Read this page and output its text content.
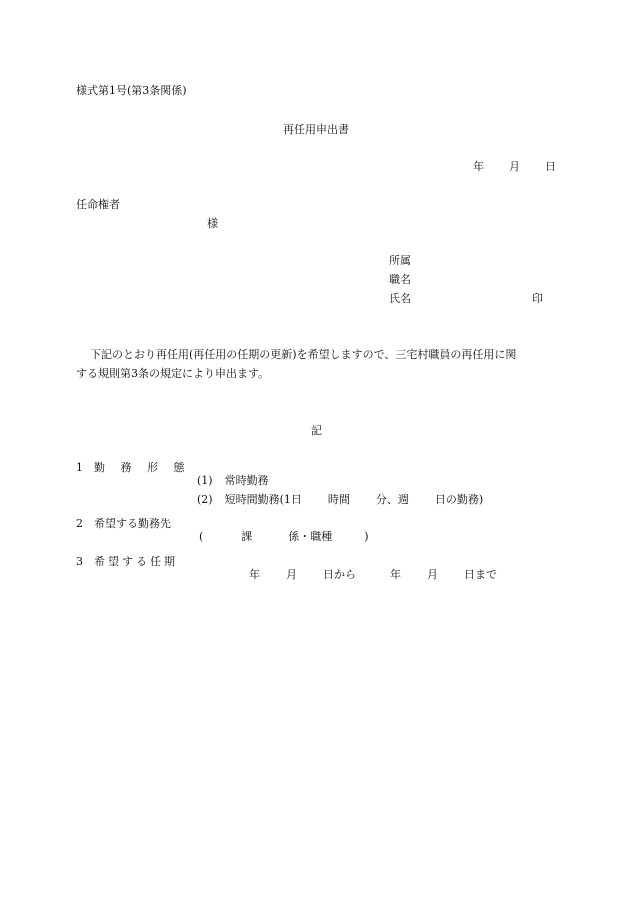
様式第1号(第3条関係)
再任用申出書
年 月 日
任命権者
様
所属
職名
氏名	印
下記のとおり再任用(再任用の任期の更新)を希望しますので、三宅村職員の再任用に関
する規則第3条の規定により申出ます。
記
1 勤 務 形 態

(1) 常時勤務

(2) 短時間勤務(1日 時間 分、週 日の勤務)

2 希望する勤務先

(	課	係・職種	)

3 希望する任期

年 月 日から	年 月 日まで
